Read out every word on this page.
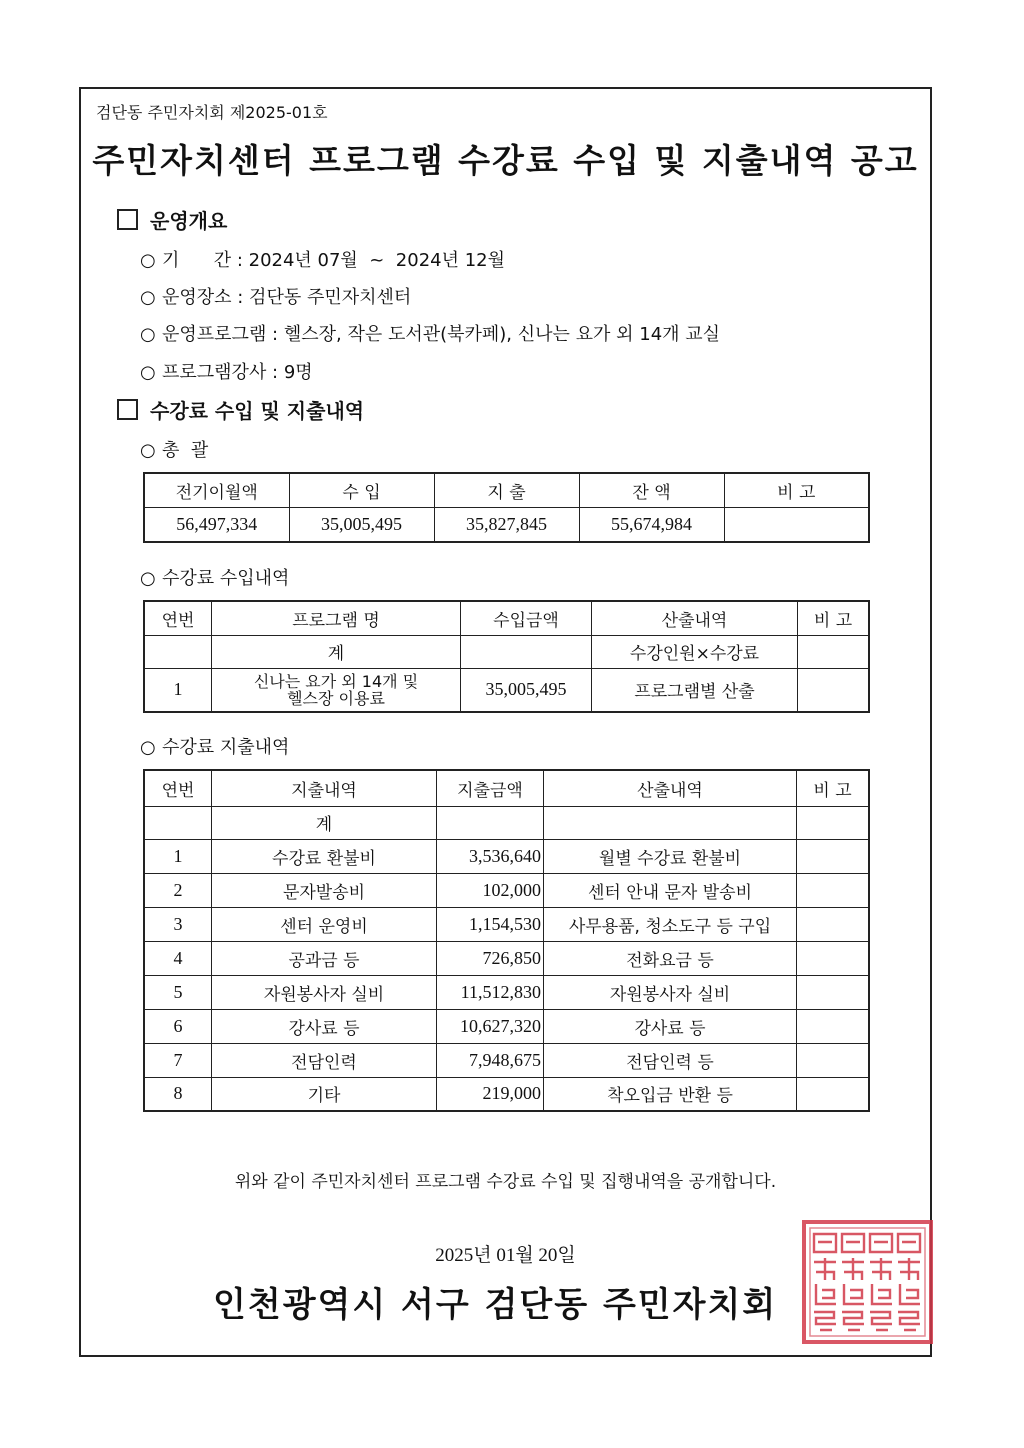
검단동 주민자치회 제2025-01호
주민자치센터 프로그램 수강료 수입 및 지출내역 공고
운영개요
○ 기      간 : 2024년 07월  ~  2024년 12월
○ 운영장소 : 검단동 주민자치센터
○ 운영프로그램 : 헬스장, 작은 도서관(북카페), 신나는 요가 외 14개 교실
○ 프로그램강사 : 9명
수강료 수입 및 지출내역
○ 총  괄
전기이월액	수 입	지 출	잔 액	비 고
56,497,334	35,005,495	35,827,845	55,674,984	
○ 수강료 수입내역
연번	프로그램 명	수입금액	산출내역	비 고
	계		수강인원×수강료	
1	신나는 요가 외 14개 및
헬스장 이용료	35,005,495	프로그램별 산출	
○ 수강료 지출내역
연번	지출내역	지출금액	산출내역	비 고
	계			
1	수강료 환불비	3,536,640	월별 수강료 환불비	
2	문자발송비	102,000	센터 안내 문자 발송비	
3	센터 운영비	1,154,530	사무용품, 청소도구 등 구입	
4	공과금 등	726,850	전화요금 등	
5	자원봉사자 실비	11,512,830	자원봉사자 실비	
6	강사료 등	10,627,320	강사료 등	
7	전담인력	7,948,675	전담인력 등	
8	기타	219,000	착오입금 반환 등	
위와 같이 주민자치센터 프로그램 수강료 수입 및 집행내역을 공개합니다.
2025년 01월 20일
인천광역시 서구 검단동 주민자치회
